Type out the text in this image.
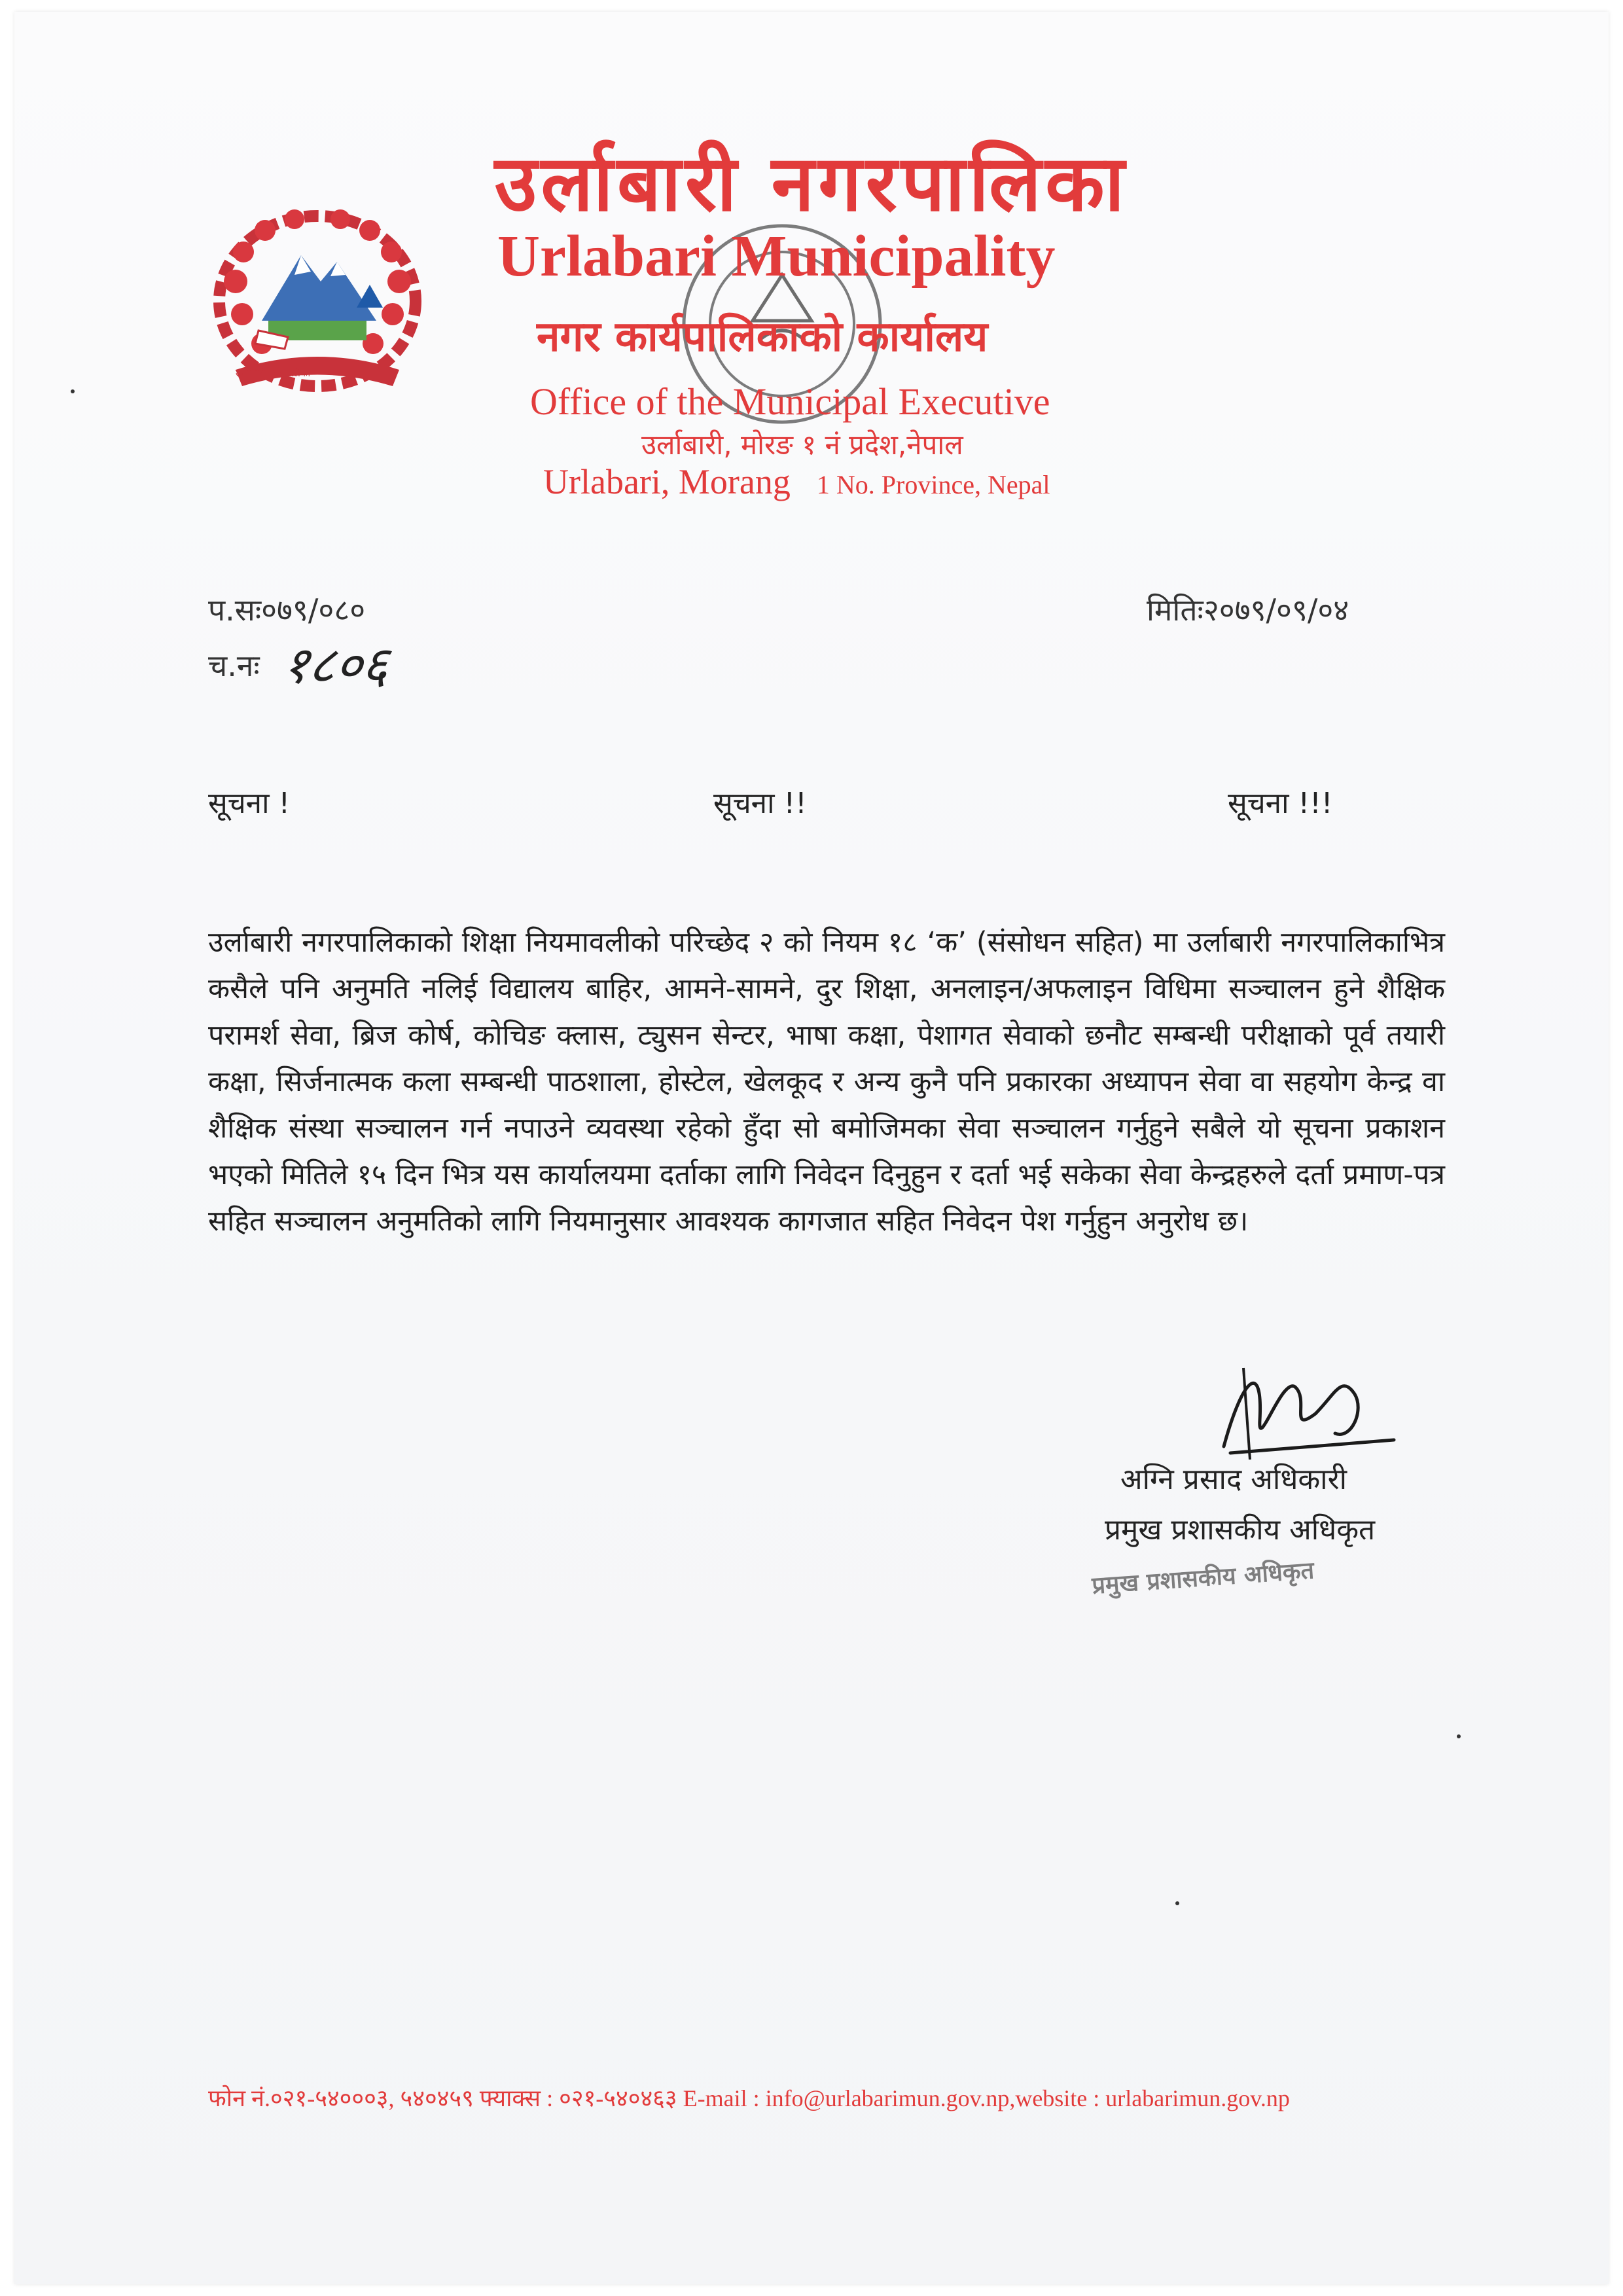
उर्लाबारी नगरपालिका
उर्लाबारी नगरपालिका
Urlabari Municipality
नगर कार्यपालिकाको कार्यालय
Office of the Municipal Executive
उर्लाबारी, मोरङ १ नं प्रदेश,नेपाल
Urlabari, Morang 1 No. Province, Nepal
प.सः०७९/०८०	मितिः२०७९/०९/०४
च.नः १८०६
सूचना !	सूचना !!	सूचना !!!
उर्लाबारी नगरपालिकाको शिक्षा नियमावलीको परिच्छेद २ को नियम १८ ‘क’ (संसोधन सहित) मा उर्लाबारी नगरपालिकाभित्र कसैले पनि अनुमति नलिई विद्यालय बाहिर, आमने-सामने, दुर शिक्षा, अनलाइन/अफलाइन विधिमा सञ्चालन हुने शैक्षिक परामर्श सेवा, ब्रिज कोर्ष, कोचिङ क्लास, ट्युसन सेन्टर, भाषा कक्षा, पेशागत सेवाको छनौट सम्बन्धी परीक्षाको पूर्व तयारी कक्षा, सिर्जनात्मक कला सम्बन्धी पाठशाला, होस्टेल, खेलकूद र अन्य कुनै पनि प्रकारका अध्यापन सेवा वा सहयोग केन्द्र वा शैक्षिक संस्था सञ्चालन गर्न नपाउने व्यवस्था रहेको हुँदा सो बमोजिमका सेवा सञ्चालन गर्नुहुने सबैले यो सूचना प्रकाशन भएको मितिले १५ दिन भित्र यस कार्यालयमा दर्ताका लागि निवेदन दिनुहुन र दर्ता भई सकेका सेवा केन्द्रहरुले दर्ता प्रमाण-पत्र सहित सञ्चालन अनुमतिको लागि नियमानुसार आवश्यक कागजात सहित निवेदन पेश गर्नुहुन अनुरोध छ।
अग्नि प्रसाद अधिकारी
प्रमुख प्रशासकीय अधिकृत
प्रमुख प्रशासकीय अधिकृत
फोन नं.०२१-५४०००३, ५४०४५९ फ्याक्स : ०२१-५४०४६३ E-mail : info@urlabarimun.gov.np,website : urlabarimun.gov.np
